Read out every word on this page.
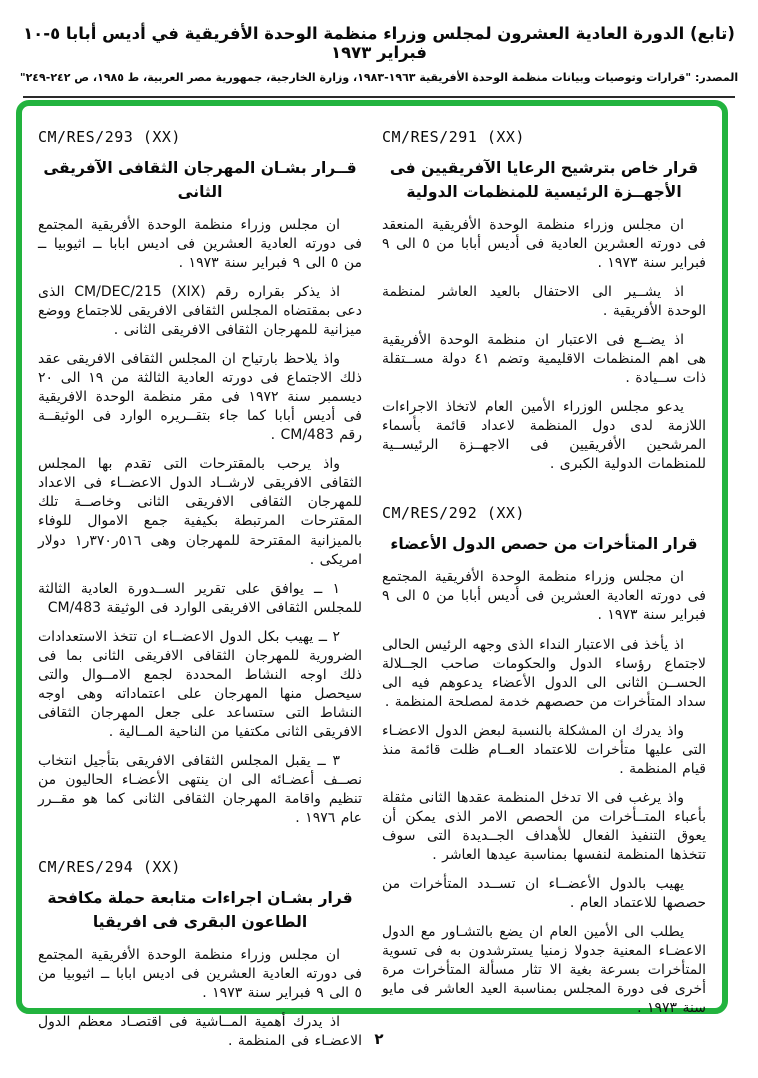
(تابع) الدورة العادية العشرون لمجلس وزراء منظمة الوحدة الأفريقية في أديس أبابا ٥-١٠ فبراير ١٩٧٣
المصدر: "قرارات وتوصيات وبيانات منظمة الوحدة الأفريقية ١٩٦٣-١٩٨٣، وزارة الخارجية، جمهورية مصر العربية، ط ١٩٨٥، ص ٢٤٢-٢٤٩"
CM/RES/291 (XX)
قرار خاص بترشيح الرعايا الآفريقيين فى
الأجهــزة الرئيسية للمنظمات الدولية

ان مجلس وزراء منظمة الوحدة الأفريقية المنعقد فى دورته العشرين العادية فى أديس أبابا من ٥ الى ٩ فبراير سنة ١٩٧٣ .

اذ يشــير الى الاحتفال بالعيد العاشر لمنظمة الوحدة الأفريقية .

اذ يضــع فى الاعتبار ان منظمة الوحدة الأفريقية هى اهم المنظمات الاقليمية وتضم ٤١ دولة مســتقلة ذات ســيادة .

يدعو مجلس الوزراء الأمين العام لاتخاذ الاجراءات اللازمة لدى دول المنظمة لاعداد قائمة بأسماء المرشحين الأفريقيين فى الاجهــزة الرئيســية للمنظمات الدولية الكبرى .

CM/RES/292 (XX)
قرار المتأخرات من حصص الدول الأعضاء

ان مجلس وزراء منظمة الوحدة الأفريقية المجتمع فى دورته العادية العشرين فى أديس أبابا من ٥ الى ٩ فبراير سنة ١٩٧٣ .

اذ يأخذ فى الاعتبار النداء الذى وجهه الرئيس الحالى لاجتماع رؤساء الدول والحكومات صاحب الجــلالة الحســن الثانى الى الدول الأعضاء يدعوهم فيه الى سداد المتأخرات من حصصهم خدمة لمصلحة المنظمة .

واذ يدرك ان المشكلة بالنسبة لبعض الدول الاعضـاء التى عليها متأخرات للاعتماد العــام ظلت قائمة منذ قيام المنظمة .

واذ يرغب فى الا تدخل المنظمة عقدها الثانى مثقلة بأعباء المتــأخرات من الحصص الامر الذى يمكن أن يعوق التنفيذ الفعال للأهداف الجــديدة التى سوف تتخذها المنظمة لنفسها بمناسبة عيدها العاشر .

يهيب بالدول الأعضــاء ان تســدد المتأخرات من حصصها للاعتماد العام .

يطلب الى الأمين العام ان يضع بالتشـاور مع الدول الاعضـاء المعنية جدولا زمنيا يسترشدون به فى تسوية المتأخرات بسرعة بغية الا تثار مسألة المتأخرات مرة أخرى فى دورة المجلس بمناسبة العيد العاشر فى مايو سنة ١٩٧٣ .

CM/RES/293 (XX)
قــرار بشـان المهرجان الثقافى الآفريقى الثانى

ان مجلس وزراء منظمة الوحدة الأفريقية المجتمع فى دورته العادية العشرين فى اديس ابابا ــ اثيوبيا ــ من ٥ الى ٩ فبراير سنة ١٩٧٣ .

اذ يذكر بقراره رقم CM/DEC/215 (XIX) الذى دعى بمقتضاه المجلس الثقافى الافريقى للاجتماع ووضع ميزانية للمهرجان الثقافى الافريقى الثانى .

واذ يلاحظ بارتياح ان المجلس الثقافى الافريقى عقد ذلك الاجتماع فى دورته العادية الثالثة من ١٩ الى ٢٠ ديسمبر سنة ١٩٧٢ فى مقر منظمة الوحدة الافريقية فى أديس أبابا كما جاء بتقــريره الوارد فى الوثيقــة رقم CM/483 .

واذ يرحب بالمقترحات التى تقدم بها المجلس الثقافى الافريقى لارشــاد الدول الاعضــاء فى الاعداد للمهرجان الثقافى الافريقى الثانى وخاصــة تلك المقترحات المرتبطة بكيفية جمع الاموال للوفاء بالميزانية المقترحة للمهرجان وهى ٥١٦ر٣٧٠ر١ دولار امريكى .

١ ــ يوافق على تقرير الســدورة العادية الثالثة للمجلس الثقافى الافريقى الوارد فى الوثيقة CM/483

٢ ــ يهيب بكل الدول الاعضــاء ان تتخذ الاستعدادات الضرورية للمهرجان الثقافى الافريقى الثانى بما فى ذلك اوجه النشاط المحددة لجمع الامــوال والتى سيحصل منها المهرجان على اعتماداته وهى اوجه النشاط التى ستساعد على جعل المهرجان الثقافى الافريقى الثانى مكتفيا من الناحية المــالية .

٣ ــ يقبل المجلس الثقافى الافريقى بتأجيل انتخاب نصــف أعضـائه الى ان ينتهى الأعضـاء الحاليون من تنظيم واقامة المهرجان الثقافى الثانى كما هو مقــرر عام ١٩٧٦ .

CM/RES/294 (XX)
قرار بشـان اجراءات متابعة حملة مكافحة
الطاعون البقرى فى افريقيا

ان مجلس وزراء منظمة الوحدة الأفريقية المجتمع فى دورته العادية العشرين فى اديس ابابا ــ اثيوبيا من ٥ الى ٩ فبراير سنة ١٩٧٣ .

اذ يدرك أهمية المــاشية فى اقتصـاد معظم الدول الاعضـاء فى المنظمة . ٢
